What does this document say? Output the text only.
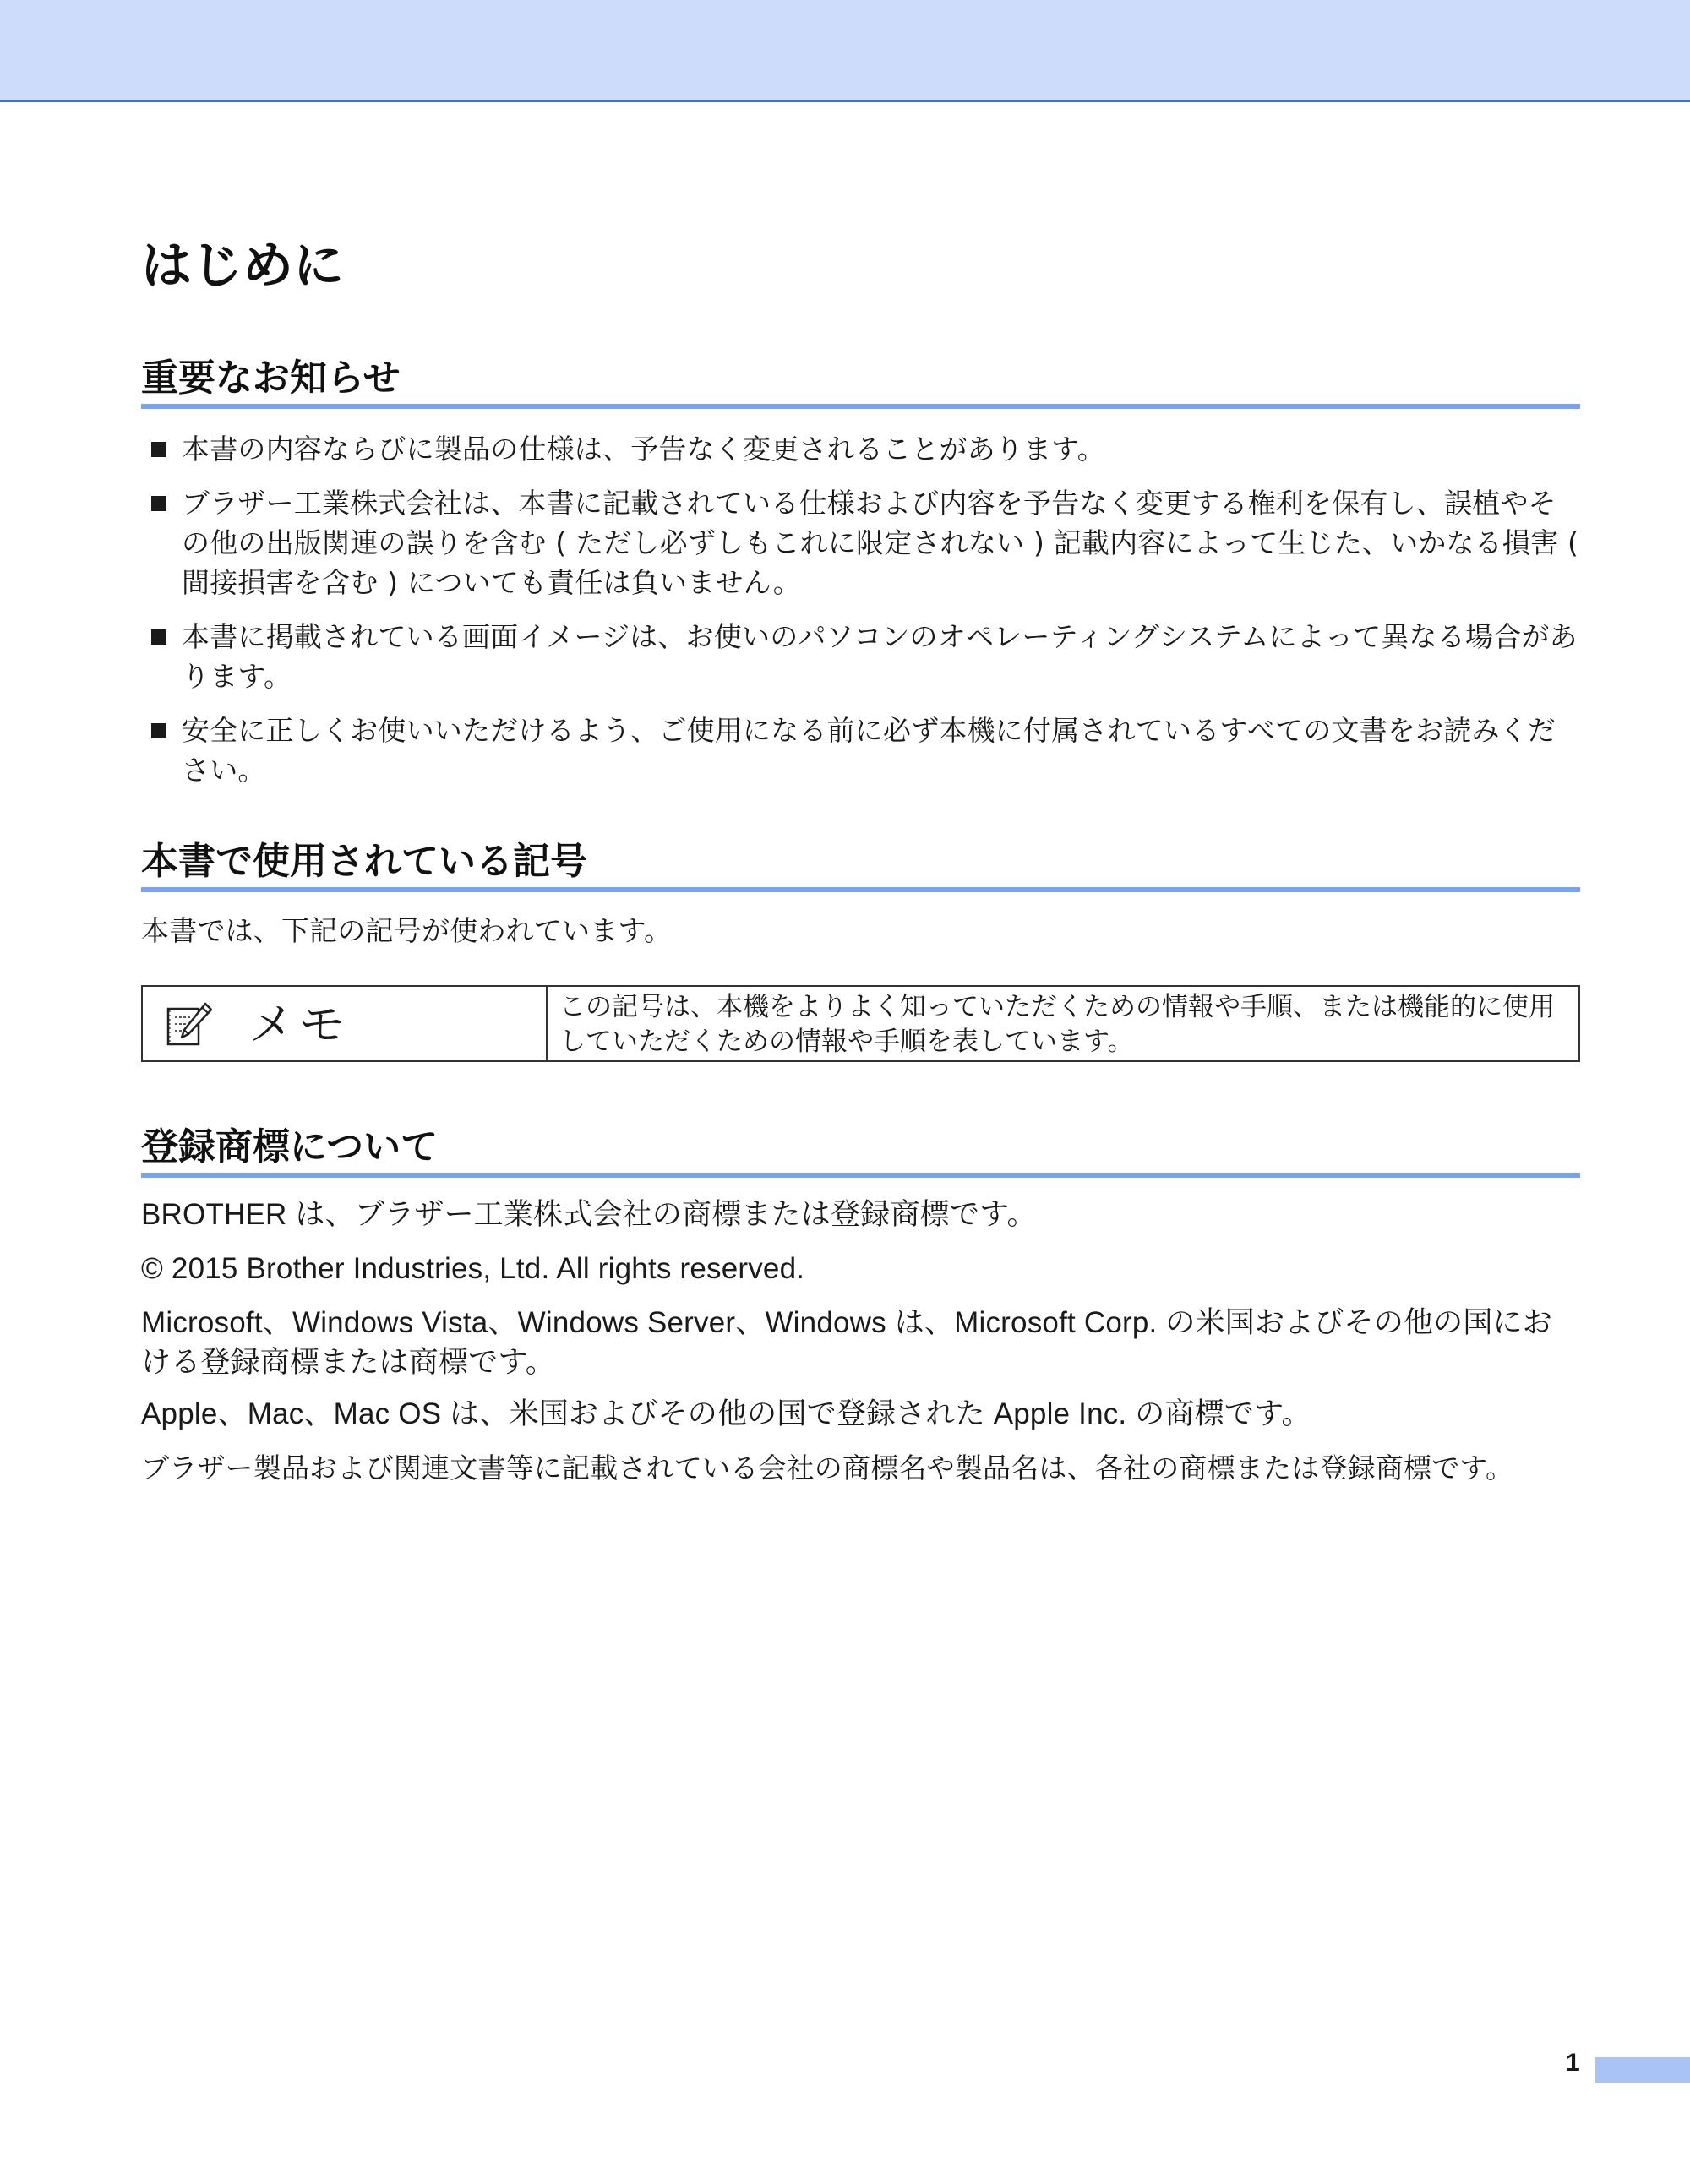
はじめに
重要なお知らせ
本書の内容ならびに製品の仕様は、予告なく変更されることがあります。
ブラザー工業株式会社は、本書に記載されている仕様および内容を予告なく変更する権利を保有し、誤植やその他の出版関連の誤りを含む ( ただし必ずしもこれに限定されない ) 記載内容によって生じた、いかなる損害 ( 間接損害を含む ) についても責任は負いません。
本書に掲載されている画面イメージは、お使いのパソコンのオペレーティングシステムによって異なる場合があります。
安全に正しくお使いいただけるよう、ご使用になる前に必ず本機に付属されているすべての文書をお読みください。
本書で使用されている記号

本書では、下記の記号が使われています。

メモ	この記号は、本機をよりよく知っていただくための情報や手順、または機能的に使用していただくための情報や手順を表しています。
登録商標について

BROTHER は、ブラザー工業株式会社の商標または登録商標です。

© 2015 Brother Industries, Ltd. All rights reserved.

Microsoft、Windows Vista、Windows Server、Windows は、Microsoft Corp. の米国およびその他の国における登録商標または商標です。

Apple、Mac、Mac OS は、米国およびその他の国で登録された Apple Inc. の商標です。

ブラザー製品および関連文書等に記載されている会社の商標名や製品名は、各社の商標または登録商標です。

1
